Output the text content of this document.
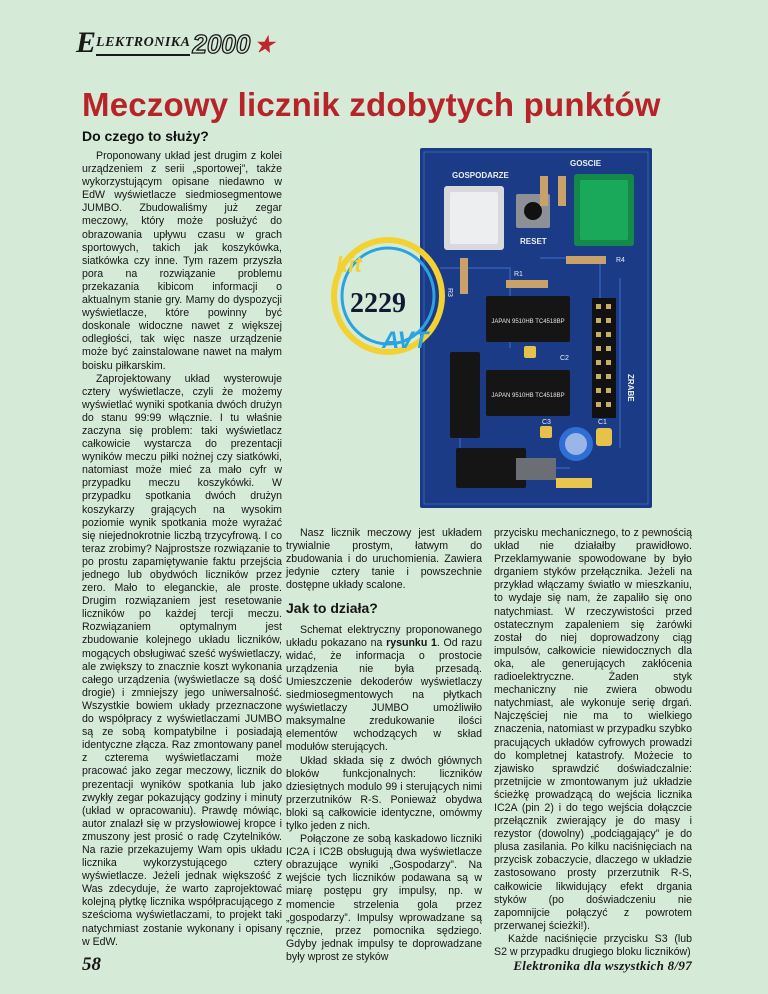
E LEKTRONIKA 2000 ★
Meczowy licznik zdobytych punktów
Do czego to służy?

Proponowany układ jest drugim z kolei urządzeniem z serii „sportowej”, także wykorzystującym opisane niedawno w EdW wyświetlacze siedmiosegmentowe JUMBO. Zbudowaliśmy już zegar meczowy, który może posłużyć do obrazowania upływu czasu w grach sportowych, takich jak koszykówka, siatkówka czy inne. Tym razem przyszła pora na rozwiązanie problemu przekazania kibicom informacji o aktualnym stanie gry. Mamy do dyspozycji wyświetlacze, które powinny być doskonale widoczne nawet z większej odległości, tak więc nasze urządzenie może być zainstalowane nawet na małym boisku piłkarskim.

Zaprojektowany układ wysterowuje cztery wyświetlacze, czyli że możemy wyświetlać wyniki spotkania dwóch drużyn do stanu 99:99 włącznie. I tu właśnie zaczyna się problem: taki wyświetlacz całkowicie wystarcza do prezentacji wyników meczu piłki nożnej czy siatkówki, natomiast może mieć za mało cyfr w przypadku meczu koszykówki. W przypadku spotkania dwóch drużyn koszykarzy grających na wysokim poziomie wynik spotkania może wyrażać się niejednokrotnie liczbą trzycyfrową. I co teraz zrobimy? Najprostsze rozwiązanie to po prostu zapamiętywanie faktu przejścia jednego lub obydwóch liczników przez zero. Mało to eleganckie, ale proste. Drugim rozwiązaniem jest resetowanie liczników po każdej tercji meczu. Rozwiązaniem optymalnym jest zbudowanie kolejnego układu liczników, mogących obsługiwać sześć wyświetlaczy, ale zwiększy to znacznie koszt wykonania całego urządzenia (wyświetlacze są dość drogie) i zmniejszy jego uniwersalność. Wszystkie bowiem układy przeznaczone do współpracy z wyświetlaczami JUMBO są ze sobą kompatybilne i posiadają identyczne złącza. Raz zmontowany panel z czterema wyświetlaczami może pracować jako zegar meczowy, licznik do prezentacji wyników spotkania lub jako zwykły zegar pokazujący godziny i minuty (układ w opracowaniu). Prawdę mówiąc, autor znalazł się w przysłowiowej kropce i zmuszony jest prosić o radę Czytelników. Na razie przekazujemy Wam opis układu licznika wykorzystującego cztery wyświetlacze. Jeżeli jednak większość z Was zdecyduje, że warto zaprojektować kolejną płytkę licznika współpracującego z sześcioma wyświetlaczami, to projekt taki natychmiast zostanie wykonany i opisany w EdW.

GOSPODARZE
GOSCIE
RESET
R3
R1
R4
JAPAN 9510HB TC4518BP
JAPAN 9510HB TC4518BP	ZRABE
C2
C3	C1
kit
2229
AVT

Nasz licznik meczowy jest układem trywialnie prostym, łatwym do zbudowania i do uruchomienia. Zawiera jedynie cztery tanie i powszechnie dostępne układy scalone.

Jak to działa?

Schemat elektryczny proponowanego układu pokazano na rysunku 1. Od razu widać, że informacja o prostocie urządzenia nie była przesadą. Umieszczenie dekoderów wyświetlaczy siedmiosegmentowych na płytkach wyświetlaczy JUMBO umożliwiło maksymalne zredukowanie ilości elementów wchodzących w skład modułów sterujących.

Układ składa się z dwóch głównych bloków funkcjonalnych: liczników dziesiętnych modulo 99 i sterujących nimi przerzutników R-S. Ponieważ obydwa bloki są całkowicie identyczne, omówmy tylko jeden z nich.

Połączone ze sobą kaskadowo liczniki IC2A i IC2B obsługują dwa wyświetlacze obrazujące wyniki „Gospodarzy”. Na wejście tych liczników podawana są w miarę postępu gry impulsy, np. w momencie strzelenia gola przez „gospodarzy”. Impulsy wprowadzane są ręcznie, przez pomocnika sędziego. Gdyby jednak impulsy te doprowadzane były wprost ze styków

przycisku mechanicznego, to z pewnością układ nie działałby prawidłowo. Przeklamywanie spowodowane by było drganiem styków przełącznika. Jeżeli na przykład włączamy światło w mieszkaniu, to wydaje się nam, że zapaliło się ono natychmiast. W rzeczywistości przed ostatecznym zapaleniem się żarówki został do niej doprowadzony ciąg impulsów, całkowicie niewidocznych dla oka, ale generujących zakłócenia radioelektryczne. Żaden styk mechaniczny nie zwiera obwodu natychmiast, ale wykonuje serię drgań. Najczęściej nie ma to wielkiego znaczenia, natomiast w przypadku szybko pracujących układów cyfrowych prowadzi do kompletnej katastrofy. Możecie to zjawisko sprawdzić doświadczalnie: przetnijcie w zmontowanym już układzie ścieżkę prowadzącą do wejścia licznika IC2A (pin 2) i do tego wejścia dołączcie przełącznik zwierający je do masy i rezystor (dowolny) „podciągający” je do plusa zasilania. Po kilku naciśnięciach na przycisk zobaczycie, dlaczego w układzie zastosowano prosty przerzutnik R-S, całkowicie likwidujący efekt drgania styków (po doświadczeniu nie zapomnijcie połączyć z powrotem przerwanej ścieżki!).

Każde naciśnięcie przycisku S3 (lub S2 w przypadku drugiego bloku liczników)

58	Elektronika dla wszystkich 8/97
